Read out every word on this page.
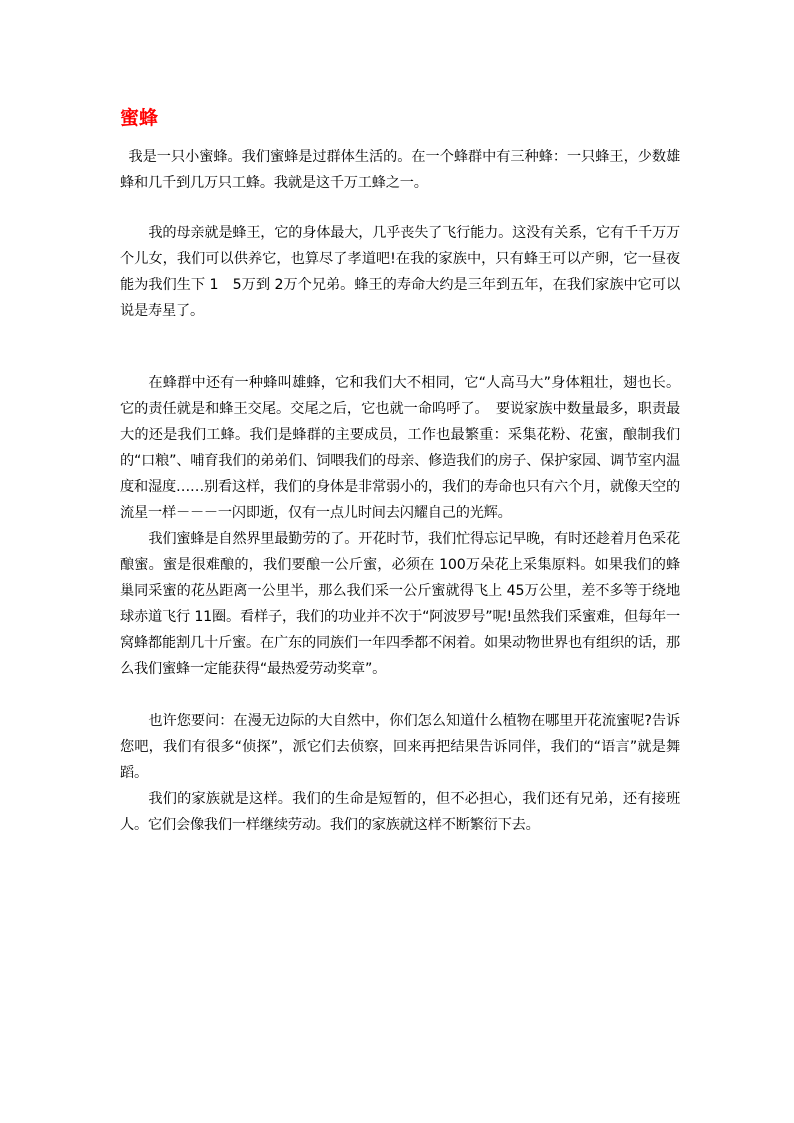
蜜蜂

我是一只小蜜蜂。我们蜜蜂是过群体生活的。在一个蜂群中有三种蜂：一只蜂王，少数雄蜂和几千到几万只工蜂。我就是这千万工蜂之一。

我的母亲就是蜂王，它的身体最大，几乎丧失了飞行能力。这没有关系，它有千千万万个儿女，我们可以供养它，也算尽了孝道吧!在我的家族中，只有蜂王可以产卵，它一昼夜能为我们生下 1　5万到 2万个兄弟。蜂王的寿命大约是三年到五年，在我们家族中它可以说是寿星了。

在蜂群中还有一种蜂叫雄蜂，它和我们大不相同，它“人高马大”身体粗壮，翅也长。它的责任就是和蜂王交尾。交尾之后，它也就一命呜呼了。　要说家族中数量最多，职责最大的还是我们工蜂。我们是蜂群的主要成员，工作也最繁重：采集花粉、花蜜，酿制我们的“口粮”、哺育我们的弟弟们、饲喂我们的母亲、修造我们的房子、保护家园、调节室内温度和湿度……别看这样，我们的身体是非常弱小的，我们的寿命也只有六个月，就像天空的流星一样－－－一闪即逝，仅有一点儿时间去闪耀自己的光辉。

我们蜜蜂是自然界里最勤劳的了。开花时节，我们忙得忘记早晚，有时还趁着月色采花酿蜜。蜜是很难酿的，我们要酿一公斤蜜，必须在 100万朵花上采集原料。如果我们的蜂巢同采蜜的花丛距离一公里半，那么我们采一公斤蜜就得飞上 45万公里，差不多等于绕地球赤道飞行 11圈。看样子，我们的功业并不次于“阿波罗号”呢!虽然我们采蜜难，但每年一窝蜂都能割几十斤蜜。在广东的同族们一年四季都不闲着。如果动物世界也有组织的话，那么我们蜜蜂一定能获得“最热爱劳动奖章”。

也许您要问：在漫无边际的大自然中，你们怎么知道什么植物在哪里开花流蜜呢?告诉您吧，我们有很多“侦探”，派它们去侦察，回来再把结果告诉同伴，我们的“语言”就是舞蹈。

我们的家族就是这样。我们的生命是短暂的，但不必担心，我们还有兄弟，还有接班人。它们会像我们一样继续劳动。我们的家族就这样不断繁衍下去。
